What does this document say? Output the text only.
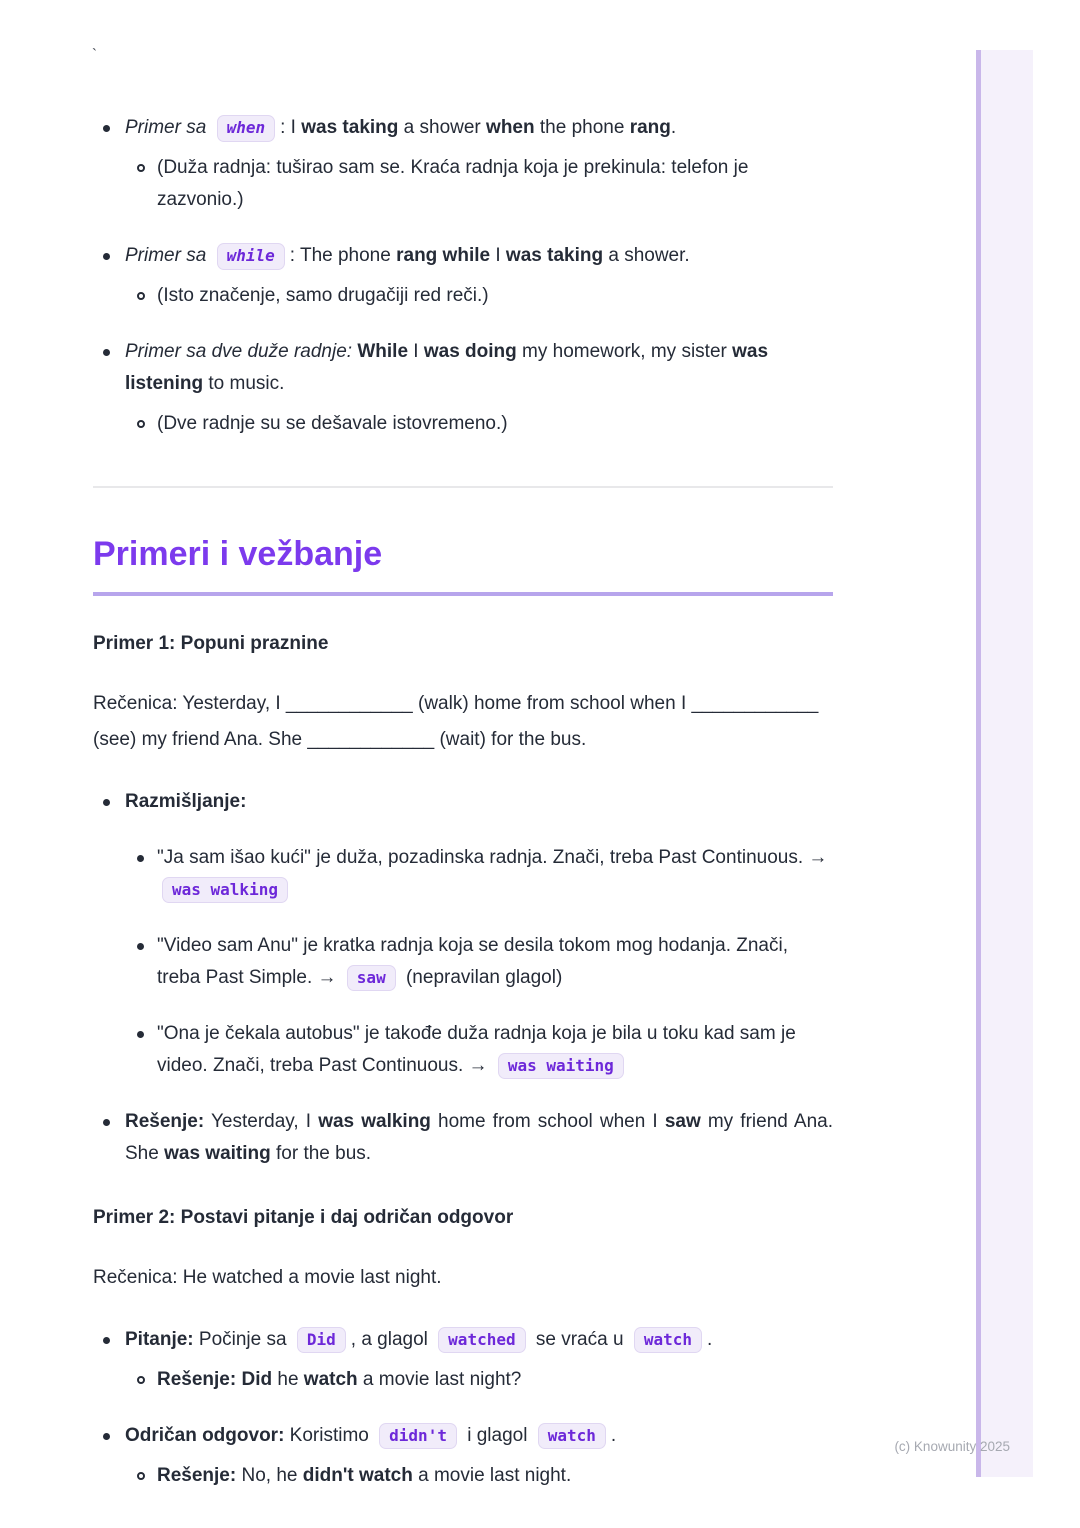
`
Primer sa when : I was taking a shower when the phone rang.
(Duža radnja: tuširao sam se. Kraća radnja koja je prekinula: telefon je zazvonio.)
Primer sa while : The phone rang while I was taking a shower.
(Isto značenje, samo drugačiji red reči.)
Primer sa dve duže radnje: While I was doing my homework, my sister was listening to music.
(Dve radnje su se dešavale istovremeno.)
Primeri i vežbanje
Primer 1: Popuni praznine

Rečenica: Yesterday, I ____________ (walk) home from school when I ____________ (see) my friend Ana. She ____________ (wait) for the bus.

Razmišljanje:
"Ja sam išao kući" je duža, pozadinska radnja. Znači, treba Past Continuous. → was walking
"Video sam Anu" je kratka radnja koja se desila tokom mog hodanja. Znači, treba Past Simple. → saw (nepravilan glagol)
"Ona je čekala autobus" je takođe duža radnja koja je bila u toku kad sam je video. Znači, treba Past Continuous. → was waiting
Rešenje: Yesterday, I was walking home from school when I saw my friend Ana. She was waiting for the bus.
Primer 2: Postavi pitanje i daj odričan odgovor

Rečenica: He watched a movie last night.

Pitanje: Počinje sa Did , a glagol watched se vraća u watch .
Rešenje: Did he watch a movie last night?
Odričan odgovor: Koristimo didn't i glagol watch .
Rešenje: No, he didn't watch a movie last night.
(c) Knowunity 2025
